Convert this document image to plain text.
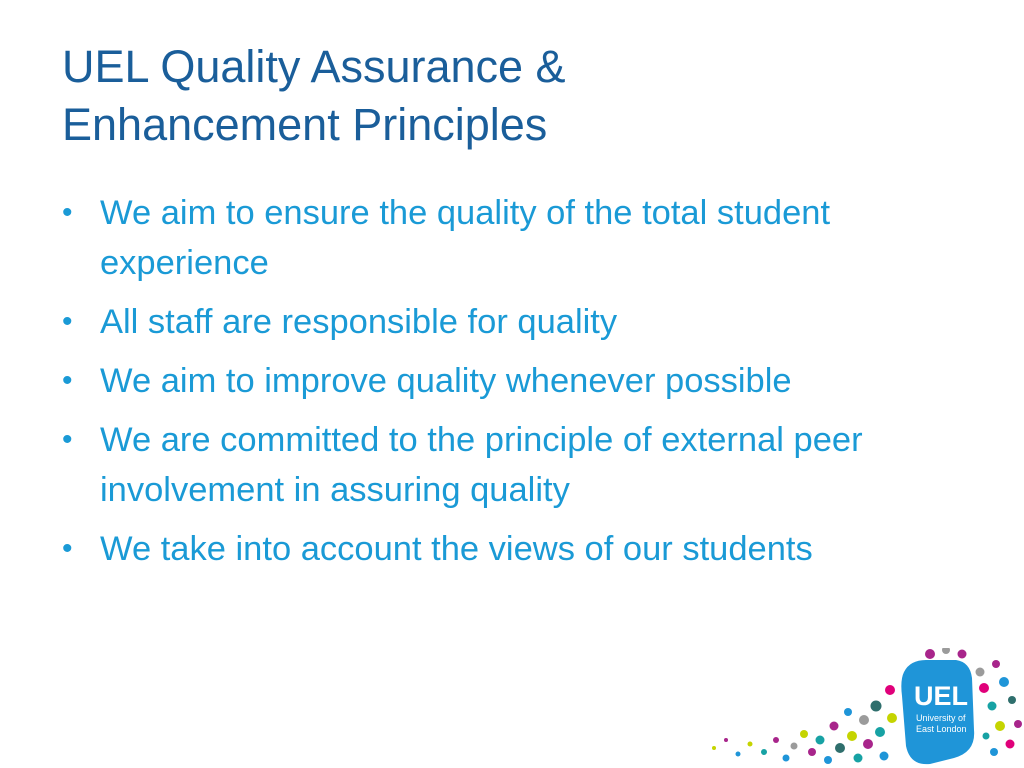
UEL Quality Assurance &
Enhancement Principles
• We aim to ensure the quality of the total student experience
• All staff are responsible for quality
• We aim to improve quality whenever possible
• We are committed to the principle of external peer involvement in assuring quality
• We take into account the views of our students
UEL
University of
East London
